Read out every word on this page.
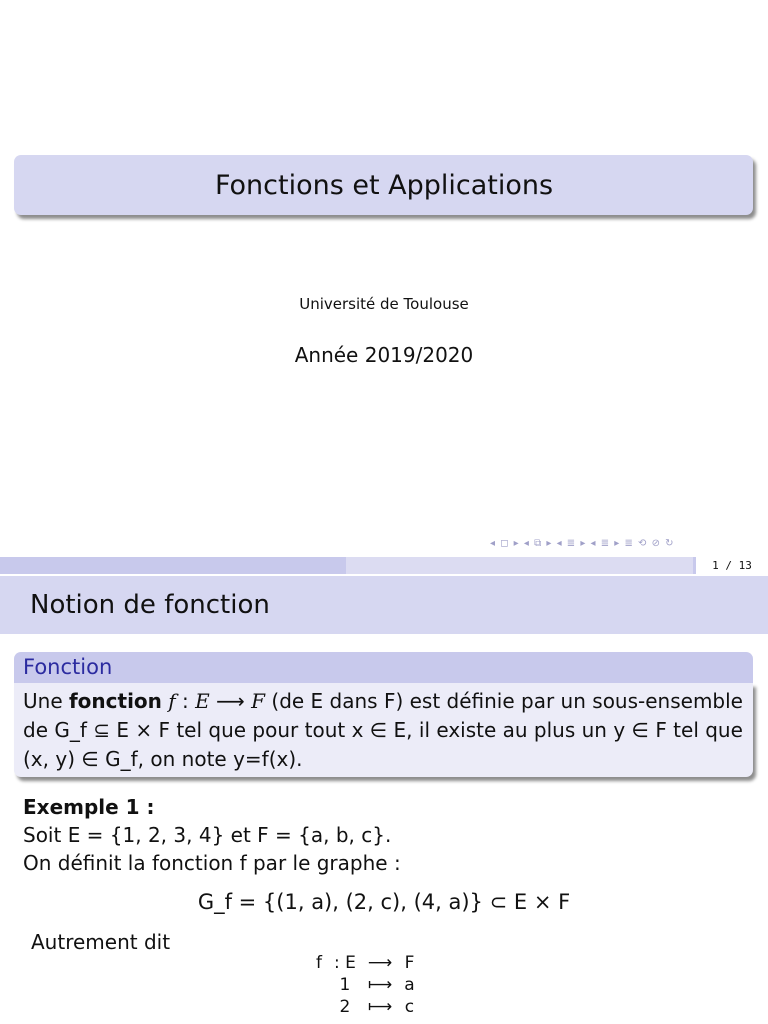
Fonctions et Applications
Université de Toulouse
Année 2019/2020
◂ ◻ ▸ ◂ ⧉ ▸ ◂ ≣ ▸ ◂ ≣ ▸ ≣ ⟲ ⊘ ↻
1 / 13
Notion de fonction
Fonction
Une fonction f : E ⟶ F (de E dans F) est définie par un sous-ensemble
de G_f ⊆ E × F tel que pour tout x ∈ E, il existe au plus un y ∈ F tel que
(x, y) ∈ G_f, on note y=f(x).
Exemple 1 :
Soit E = {1, 2, 3, 4} et F = {a, b, c}.
On définit la fonction f par le graphe :
G_f = {(1, a), (2, c), (4, a)} ⊂ E × F
Autrement dit
f	: E	⟶	F
	1	⟼	a
	2	⟼	c
